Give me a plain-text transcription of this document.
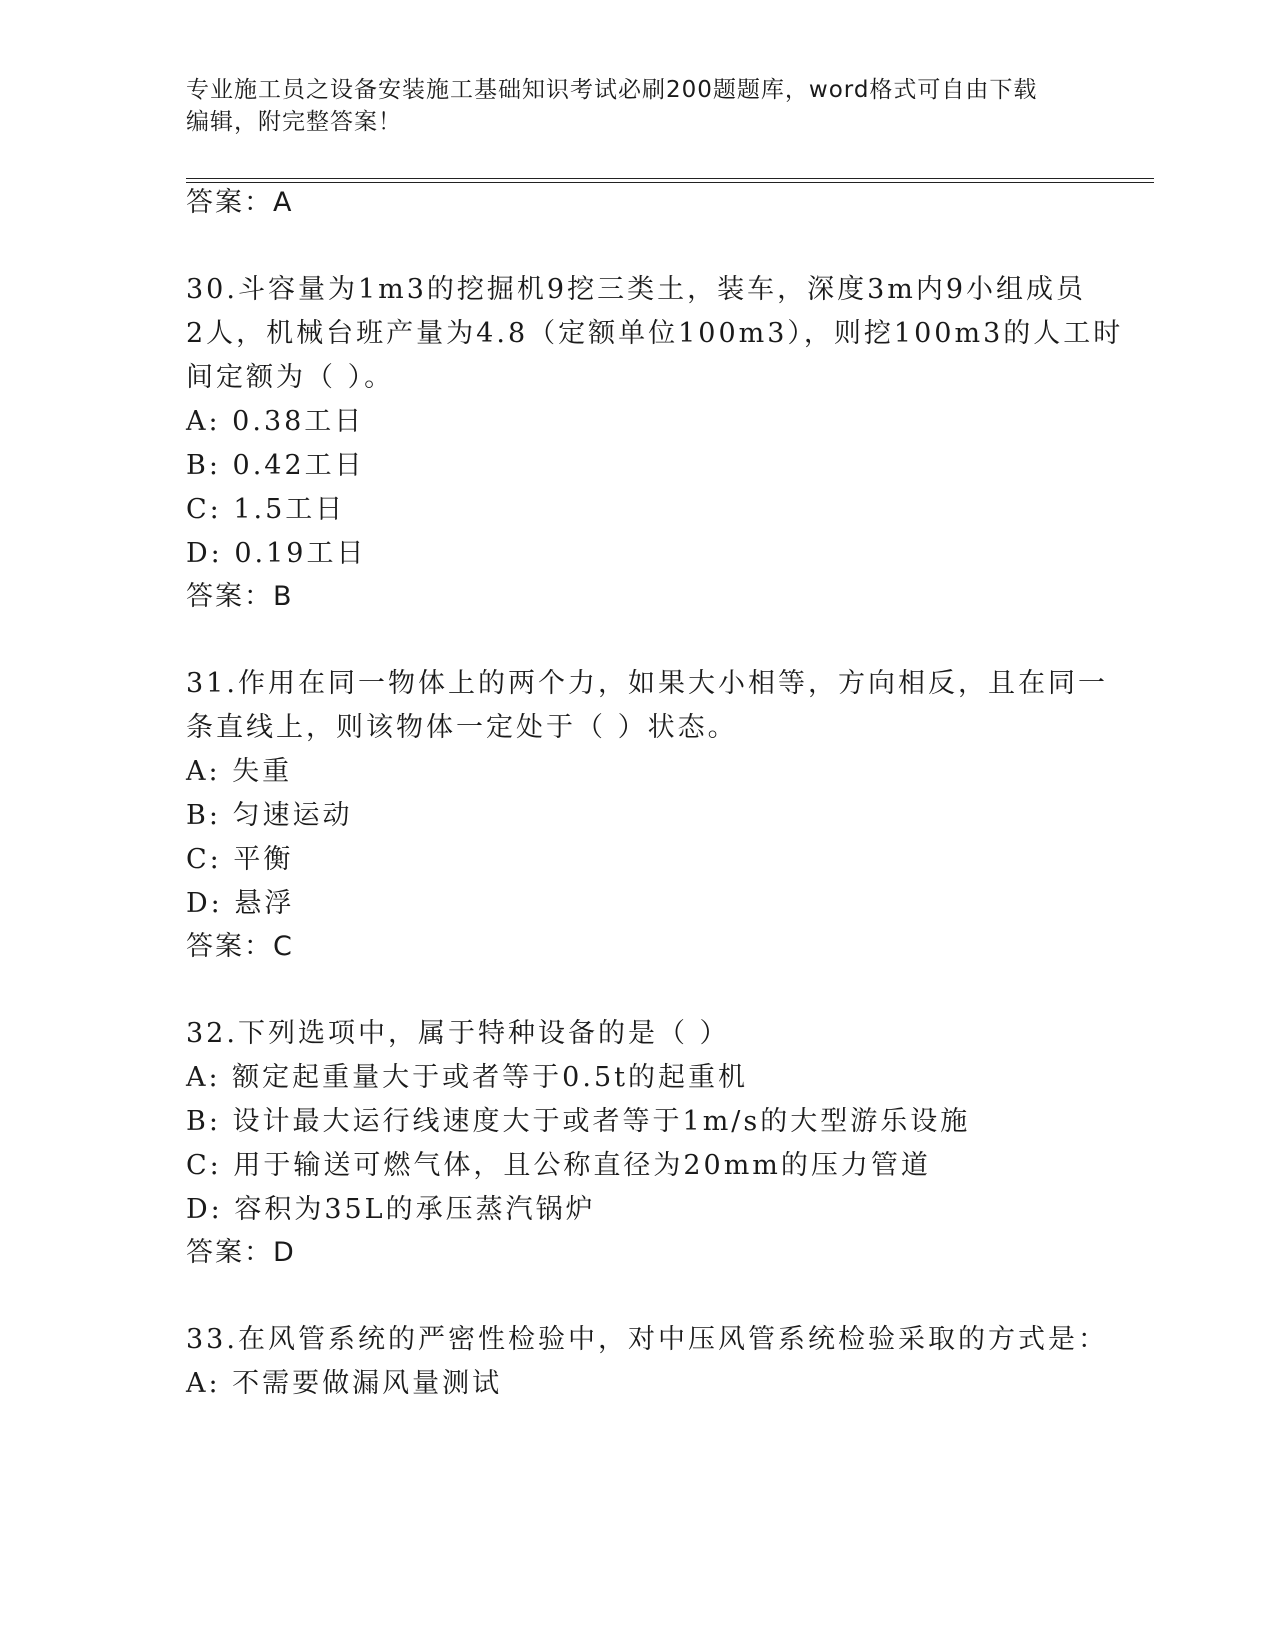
专业施工员之设备安装施工基础知识考试必刷200题题库，word格式可自由下载
编辑，附完整答案！
答案：A
30.斗容量为1m3的挖掘机9挖三类土，装车，深度3m内9小组成员
2人，机械台班产量为4.8（定额单位100m3），则挖100m3的人工时
间定额为（ ）。
A: 0.38工日
B: 0.42工日
C: 1.5工日
D: 0.19工日
答案：B
31.作用在同一物体上的两个力，如果大小相等，方向相反，且在同一
条直线上，则该物体一定处于（ ）状态。
A: 失重
B: 匀速运动
C: 平衡
D: 悬浮
答案：C
32.下列选项中，属于特种设备的是（ ）
A: 额定起重量大于或者等于0.5t的起重机
B: 设计最大运行线速度大于或者等于1m/s的大型游乐设施
C: 用于输送可燃气体，且公称直径为20mm的压力管道
D: 容积为35L的承压蒸汽锅炉
答案：D
33.在风管系统的严密性检验中，对中压风管系统检验采取的方式是：
A: 不需要做漏风量测试
